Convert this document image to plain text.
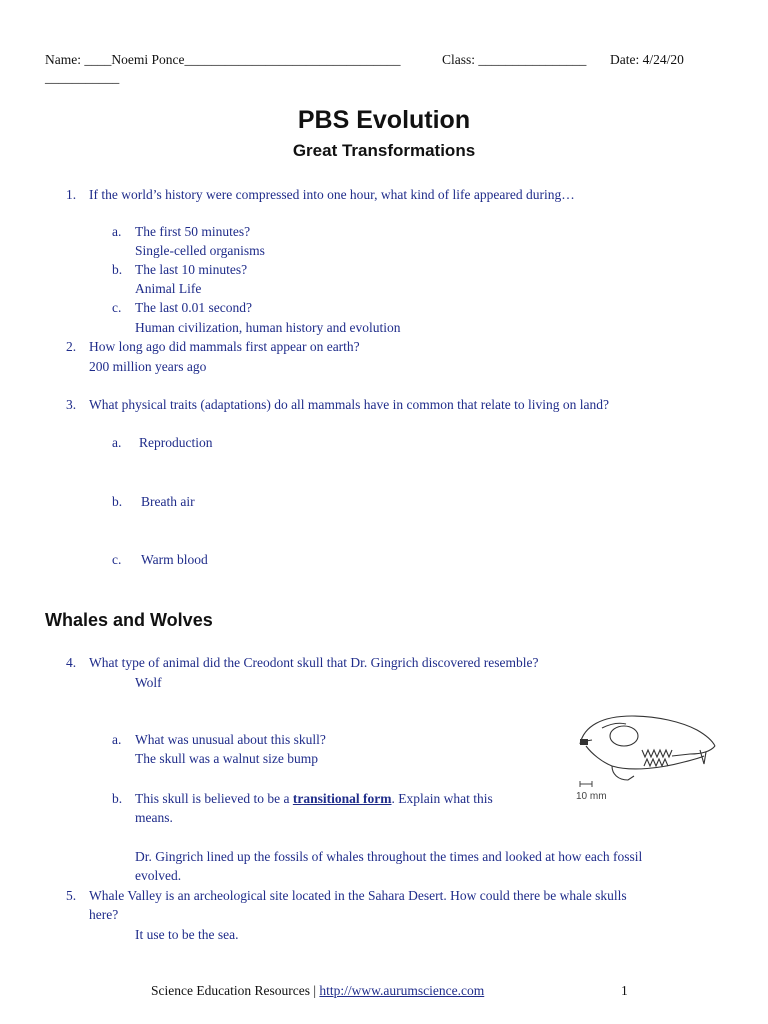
Name: ____Noemi Ponce________________________________	Class: ________________ Date: 4/24/20
___________
PBS Evolution
Great Transformations
1. If the world’s history were compressed into one hour, what kind of life appeared during…
a. The first 50 minutes?
Single-celled organisms
b. The last 10 minutes?
Animal Life
c. The last 0.01 second?
Human civilization, human history and evolution
2. How long ago did mammals first appear on earth?
200 million years ago
3. What physical traits (adaptations) do all mammals have in common that relate to living on land?
a. Reproduction
b. Breath air
c. Warm blood
Whales and Wolves
4. What type of animal did the Creodont skull that Dr. Gingrich discovered resemble?
Wolf
a. What was unusual about this skull?
The skull was a walnut size bump
b. This skull is believed to be a transitional form. Explain what this
means.
Dr. Gingrich lined up the fossils of whales throughout the times and looked at how each fossil
evolved.
10 mm
5. Whale Valley is an archeological site located in the Sahara Desert. How could there be whale skulls
here?
It use to be the sea.
Science Education Resources | http://www.aurumscience.com	1
